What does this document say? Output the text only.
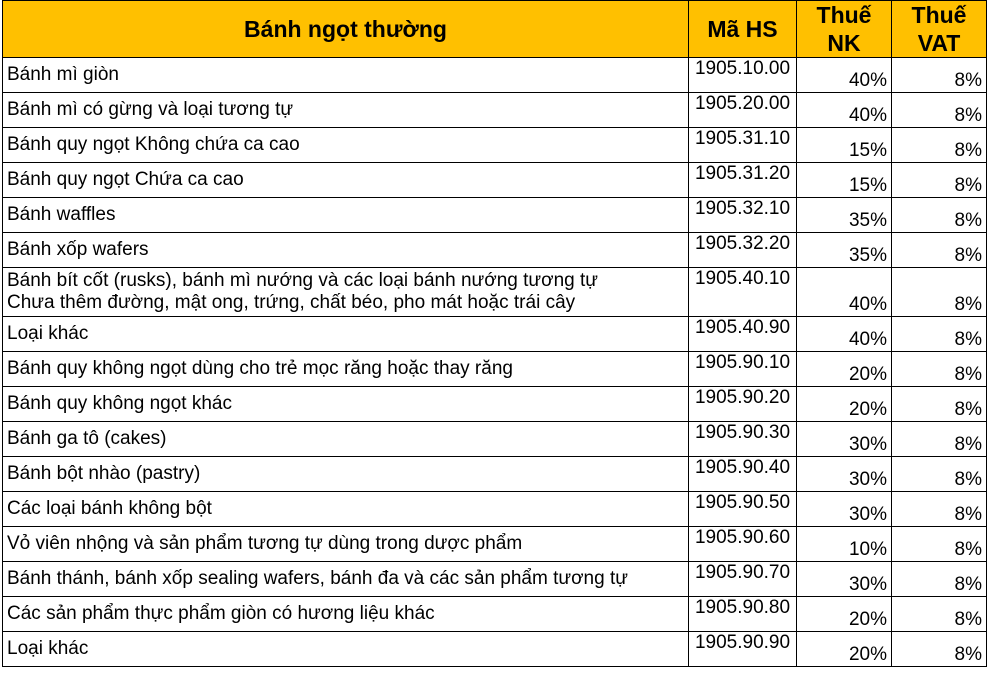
Bánh ngọt thường	Mã HS	Thuế NK	Thuế VAT

Bánh mì giòn	1905.10.00	40%	8%

Bánh mì có gừng và loại tương tự	1905.20.00	40%	8%

Bánh quy ngọt Không chứa ca cao	1905.31.10	15%	8%

Bánh quy ngọt Chứa ca cao	1905.31.20	15%	8%

Bánh waffles	1905.32.10	35%	8%

Bánh xốp wafers	1905.32.20	35%	8%

Bánh bít cốt (rusks), bánh mì nướng và các loại bánh nướng tương tự
Chưa thêm đường, mật ong, trứng, chất béo, pho mát hoặc trái cây	1905.40.10	40%	8%

Loại khác	1905.40.90	40%	8%

Bánh quy không ngọt dùng cho trẻ mọc răng hoặc thay răng	1905.90.10	20%	8%

Bánh quy không ngọt khác	1905.90.20	20%	8%

Bánh ga tô (cakes)	1905.90.30	30%	8%

Bánh bột nhào (pastry)	1905.90.40	30%	8%

Các loại bánh không bột	1905.90.50	30%	8%

Vỏ viên nhộng và sản phẩm tương tự dùng trong dược phẩm	1905.90.60	10%	8%

Bánh thánh, bánh xốp sealing wafers, bánh đa và các sản phẩm tương tự	1905.90.70	30%	8%

Các sản phẩm thực phẩm giòn có hương liệu khác	1905.90.80	20%	8%

Loại khác	1905.90.90	20%	8%
